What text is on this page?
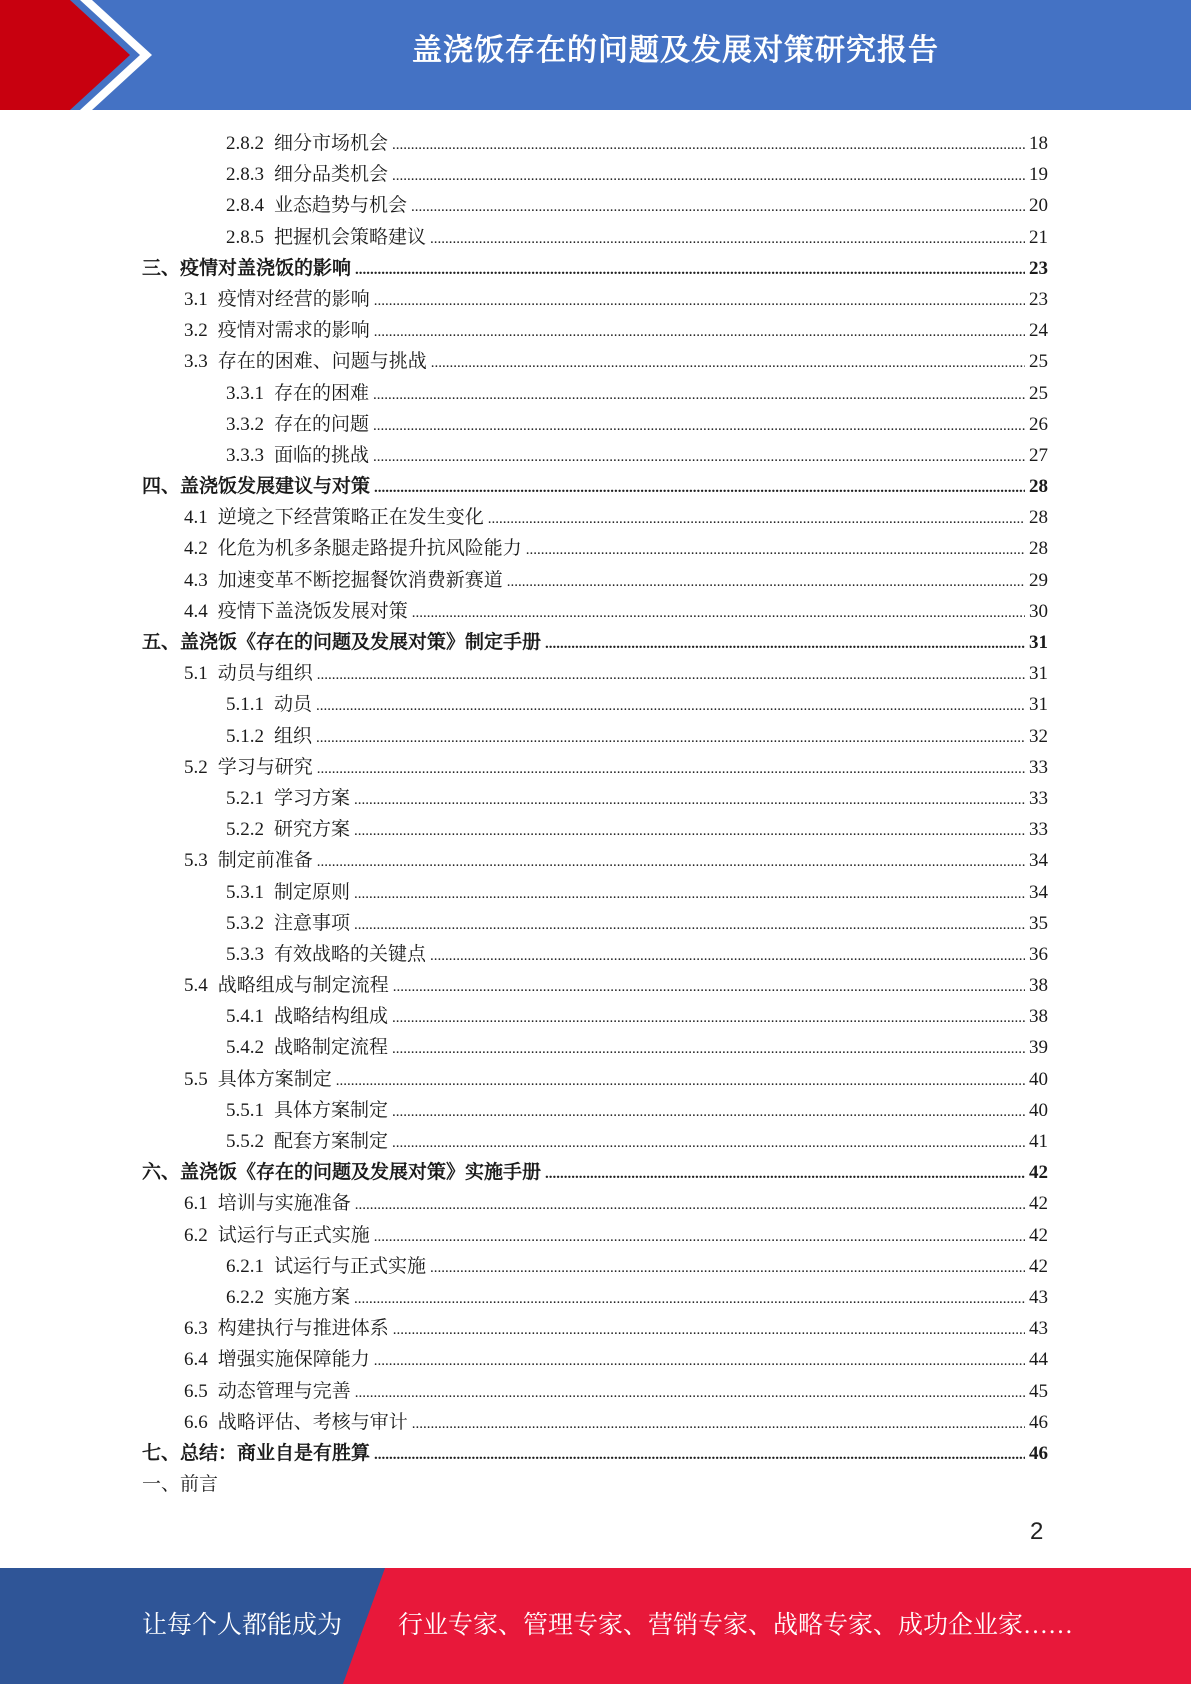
盖浇饭存在的问题及发展对策研究报告
2.8.2 细分市场机会 .....	18
2.8.3 细分品类机会 .....	19
2.8.4 业态趋势与机会 .....	20
2.8.5 把握机会策略建议 .....	21
三、疫情对盖浇饭的影响 .....	23
3.1 疫情对经营的影响 .....	23
3.2 疫情对需求的影响 .....	24
3.3 存在的困难、问题与挑战 .....	25
3.3.1 存在的困难 .....	25
3.3.2 存在的问题 .....	26
3.3.3 面临的挑战 .....	27
四、盖浇饭发展建议与对策 .....	28
4.1 逆境之下经营策略正在发生变化 .....	28
4.2 化危为机多条腿走路提升抗风险能力 .....	28
4.3 加速变革不断挖掘餐饮消费新赛道 .....	29
4.4 疫情下盖浇饭发展对策 .....	30
五、盖浇饭《存在的问题及发展对策》制定手册 .....	31
5.1 动员与组织 .....	31
5.1.1 动员 .....	31
5.1.2 组织 .....	32
5.2 学习与研究 .....	33
5.2.1 学习方案 .....	33
5.2.2 研究方案 .....	33
5.3 制定前准备 .....	34
5.3.1 制定原则 .....	34
5.3.2 注意事项 .....	35
5.3.3 有效战略的关键点 .....	36
5.4 战略组成与制定流程 .....	38
5.4.1 战略结构组成 .....	38
5.4.2 战略制定流程 .....	39
5.5 具体方案制定 .....	40
5.5.1 具体方案制定 .....	40
5.5.2 配套方案制定 .....	41
六、盖浇饭《存在的问题及发展对策》实施手册 .....	42
6.1 培训与实施准备 .....	42
6.2 试运行与正式实施 .....	42
6.2.1 试运行与正式实施 .....	42
6.2.2 实施方案 .....	43
6.3 构建执行与推进体系 .....	43
6.4 增强实施保障能力 .....	44
6.5 动态管理与完善 .....	45
6.6 战略评估、考核与审计 .....	46
七、总结：商业自是有胜算 .....	46
一、前言
2
让每个人都能成为 行业专家、管理专家、营销专家、战略专家、成功企业家……
